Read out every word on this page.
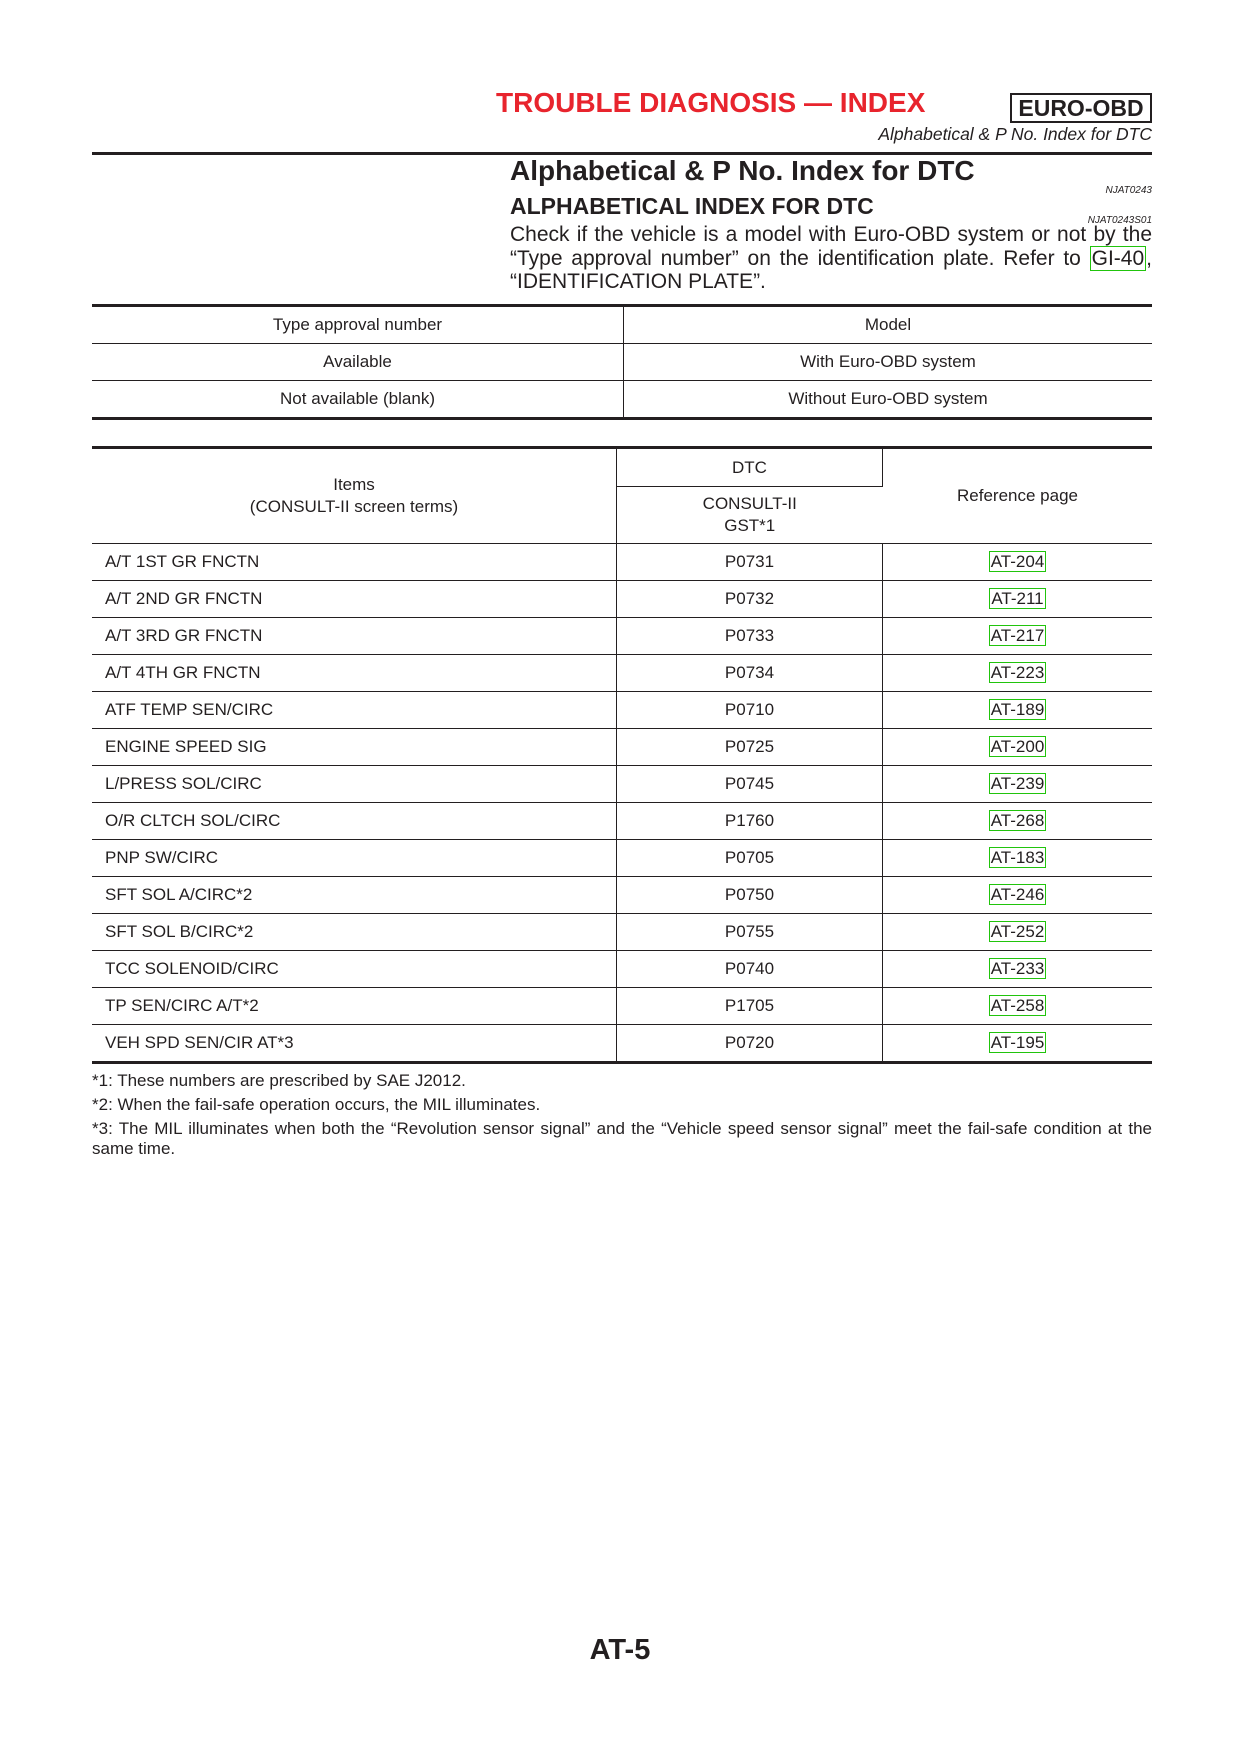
TROUBLE DIAGNOSIS — INDEX	EURO-OBD
Alphabetical & P No. Index for DTC
Alphabetical & P No. Index for DTC
NJAT0243
ALPHABETICAL INDEX FOR DTC
NJAT0243S01
Check if the vehicle is a model with Euro-OBD system or not by the “Type approval number” on the identification plate. Refer to GI-40, “IDENTIFICATION PLATE”.
Type approval number	Model
Available	With Euro-OBD system
Not available (blank)	Without Euro-OBD system
Items
(CONSULT-II screen terms)	DTC	Reference page
	CONSULT-II
GST*1	
A/T 1ST GR FNCTN	P0731	AT-204
A/T 2ND GR FNCTN	P0732	AT-211
A/T 3RD GR FNCTN	P0733	AT-217
A/T 4TH GR FNCTN	P0734	AT-223
ATF TEMP SEN/CIRC	P0710	AT-189
ENGINE SPEED SIG	P0725	AT-200
L/PRESS SOL/CIRC	P0745	AT-239
O/R CLTCH SOL/CIRC	P1760	AT-268
PNP SW/CIRC	P0705	AT-183
SFT SOL A/CIRC*2	P0750	AT-246
SFT SOL B/CIRC*2	P0755	AT-252
TCC SOLENOID/CIRC	P0740	AT-233
TP SEN/CIRC A/T*2	P1705	AT-258
VEH SPD SEN/CIR AT*3	P0720	AT-195

*1: These numbers are prescribed by SAE J2012.

*2: When the fail-safe operation occurs, the MIL illuminates.

*3: The MIL illuminates when both the “Revolution sensor signal” and the “Vehicle speed sensor signal” meet the fail-safe condition at the same time.

AT-5
